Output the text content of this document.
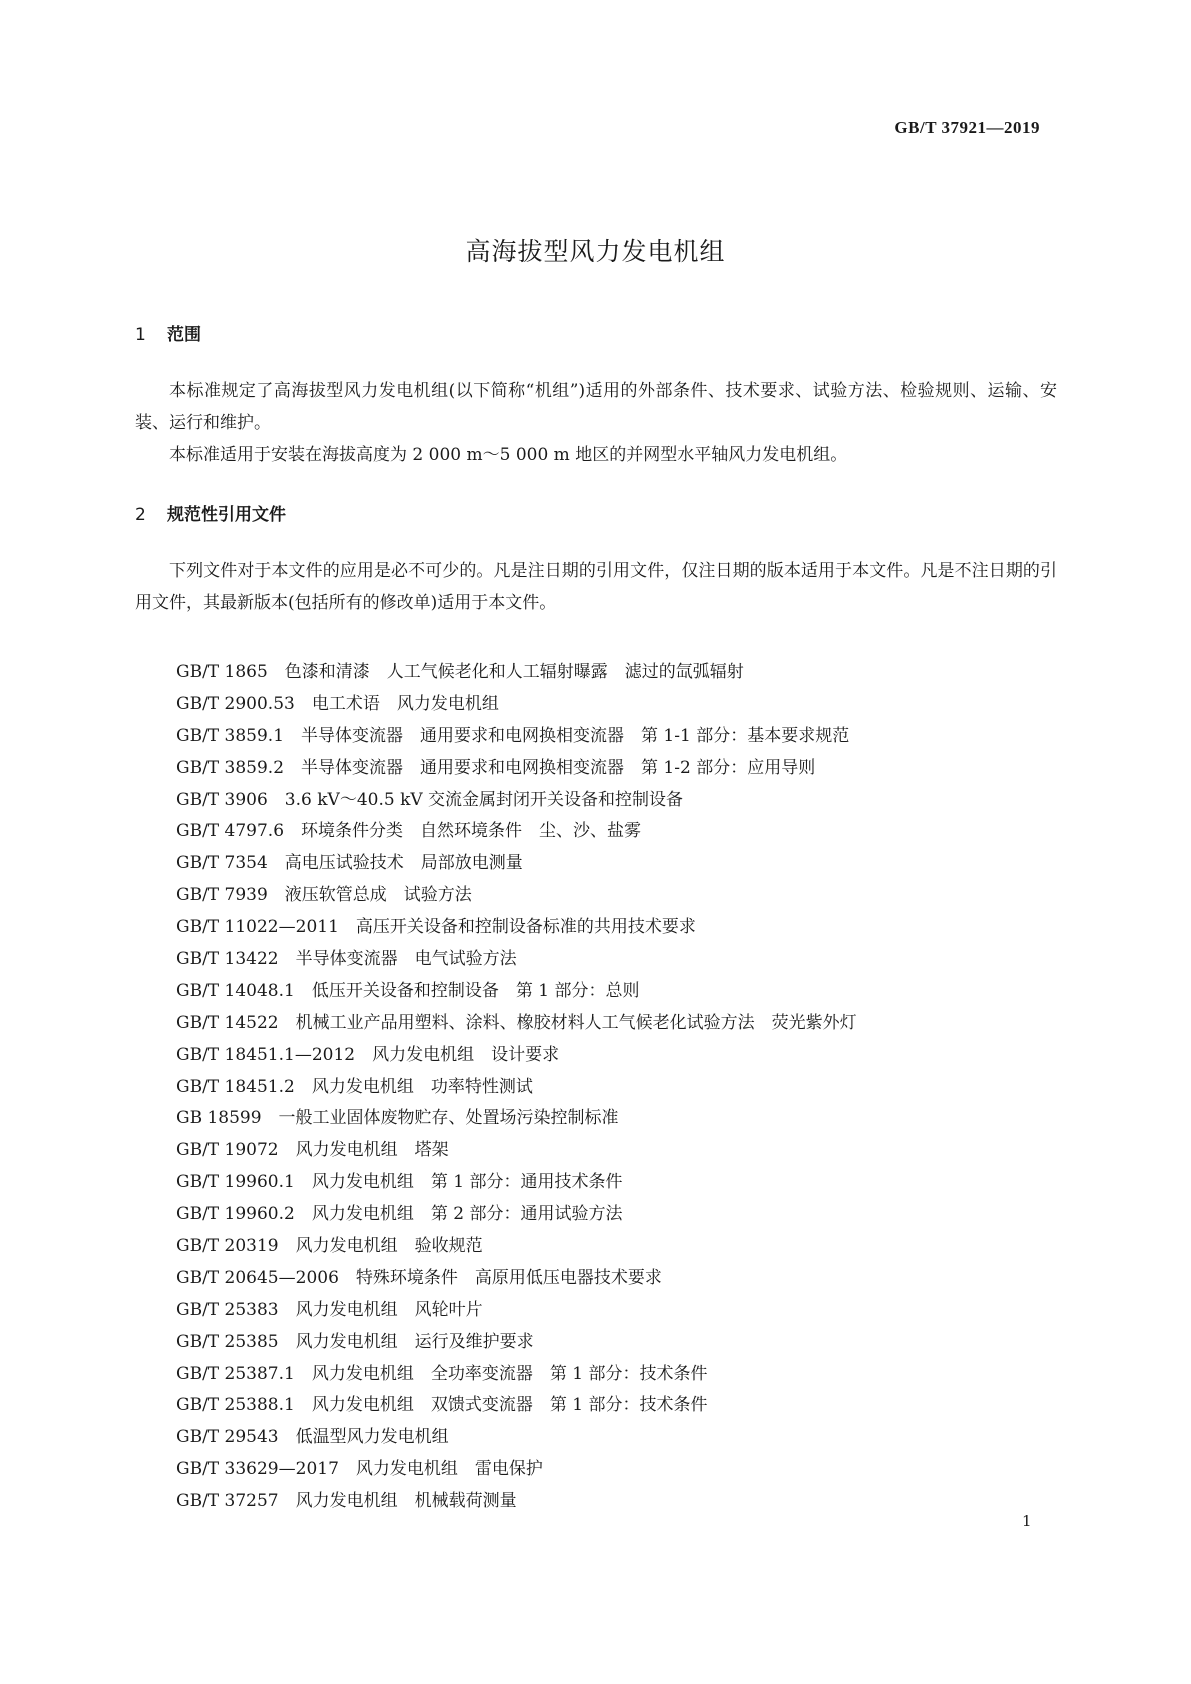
GB/T 37921—2019
高海拔型风力发电机组
1 范围

本标准规定了高海拔型风力发电机组(以下简称“机组”)适用的外部条件、技术要求、试验方法、检验规则、运输、安装、运行和维护。

本标准适用于安装在海拔高度为 2 000 m～5 000 m 地区的并网型水平轴风力发电机组。

2 规范性引用文件

下列文件对于本文件的应用是必不可少的。凡是注日期的引用文件，仅注日期的版本适用于本文件。凡是不注日期的引用文件，其最新版本(包括所有的修改单)适用于本文件。

GB/T 1865　色漆和清漆　人工气候老化和人工辐射曝露　滤过的氙弧辐射
GB/T 2900.53　电工术语　风力发电机组
GB/T 3859.1　半导体变流器　通用要求和电网换相变流器　第 1-1 部分：基本要求规范
GB/T 3859.2　半导体变流器　通用要求和电网换相变流器　第 1-2 部分：应用导则
GB/T 3906　3.6 kV～40.5 kV 交流金属封闭开关设备和控制设备
GB/T 4797.6　环境条件分类　自然环境条件　尘、沙、盐雾
GB/T 7354　高电压试验技术　局部放电测量
GB/T 7939　液压软管总成　试验方法
GB/T 11022—2011　高压开关设备和控制设备标准的共用技术要求
GB/T 13422　半导体变流器　电气试验方法
GB/T 14048.1　低压开关设备和控制设备　第 1 部分：总则
GB/T 14522　机械工业产品用塑料、涂料、橡胶材料人工气候老化试验方法　荧光紫外灯
GB/T 18451.1—2012　风力发电机组　设计要求
GB/T 18451.2　风力发电机组　功率特性测试
GB 18599　一般工业固体废物贮存、处置场污染控制标准
GB/T 19072　风力发电机组　塔架
GB/T 19960.1　风力发电机组　第 1 部分：通用技术条件
GB/T 19960.2　风力发电机组　第 2 部分：通用试验方法
GB/T 20319　风力发电机组　验收规范
GB/T 20645—2006　特殊环境条件　高原用低压电器技术要求
GB/T 25383　风力发电机组　风轮叶片
GB/T 25385　风力发电机组　运行及维护要求
GB/T 25387.1　风力发电机组　全功率变流器　第 1 部分：技术条件
GB/T 25388.1　风力发电机组　双馈式变流器　第 1 部分：技术条件
GB/T 29543　低温型风力发电机组
GB/T 33629—2017　风力发电机组　雷电保护
GB/T 37257　风力发电机组　机械载荷测量
1
